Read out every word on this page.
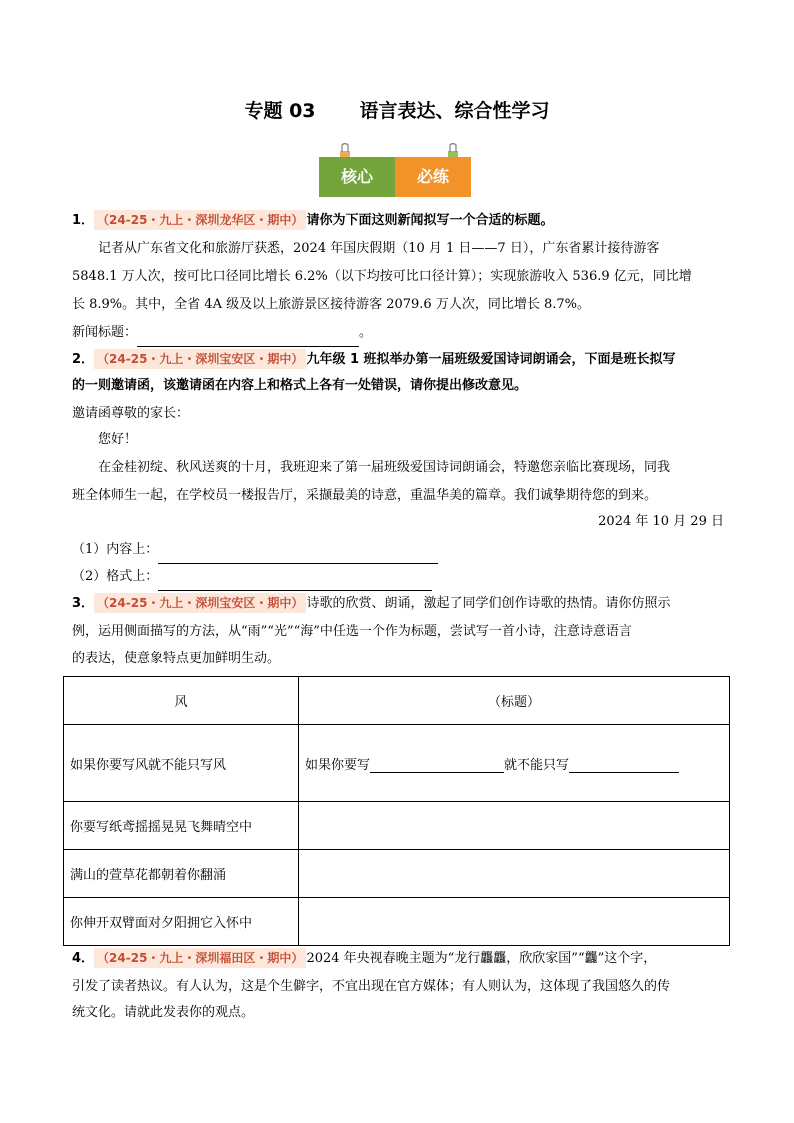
专题 03 语言表达、综合性学习
核心	必练
1． （24-25・九上・深圳龙华区・期中） 请你为下面这则新闻拟写一个合适的标题。
记者从广东省文化和旅游厅获悉，2024 年国庆假期（10 月 1 日——7 日），广东省累计接待游客
5848.1 万人次，按可比口径同比增长 6.2%（以下均按可比口径计算）；实现旅游收入 536.9 亿元，同比增
长 8.9%。其中，全省 4A 级及以上旅游景区接待游客 2079.6 万人次，同比增长 8.7%。
新闻标题：	。
2． （24-25・九上・深圳宝安区・期中） 九年级 1 班拟举办第一届班级爱国诗词朗诵会，下面是班长拟写
的一则邀请函，该邀请函在内容上和格式上各有一处错误，请你提出修改意见。
邀请函尊敬的家长：
您好！
在金桂初绽、秋风送爽的十月，我班迎来了第一届班级爱国诗词朗诵会，特邀您亲临比赛现场，同我
班全体师生一起，在学校员一楼报告厅，采撷最美的诗意，重温华美的篇章。我们诚挚期待您的到来。
2024 年 10 月 29 日
（1）内容上：
（2）格式上：
3． （24-25・九上・深圳宝安区・期中） 诗歌的欣赏、朗诵，激起了同学们创作诗歌的热情。请你仿照示
例，运用侧面描写的方法，从“雨”“光”“海”中任选一个作为标题，尝试写一首小诗，注意诗意语言
的表达，使意象特点更加鲜明生动。
风	（标题）
如果你要写风就不能只写风	如果你要写 就不能只写
你要写纸鸢摇摇晃晃飞舞晴空中	
满山的萱草花都朝着你翻涌	
你伸开双臂面对夕阳拥它入怀中	
4． （24-25・九上・深圳福田区・期中） 2024 年央视春晚主题为“龙行龘龘，欣欣家国”“龘”这个字，
引发了读者热议。有人认为，这是个生僻字，不宜出现在官方媒体；有人则认为，这体现了我国悠久的传
统文化。请就此发表你的观点。
